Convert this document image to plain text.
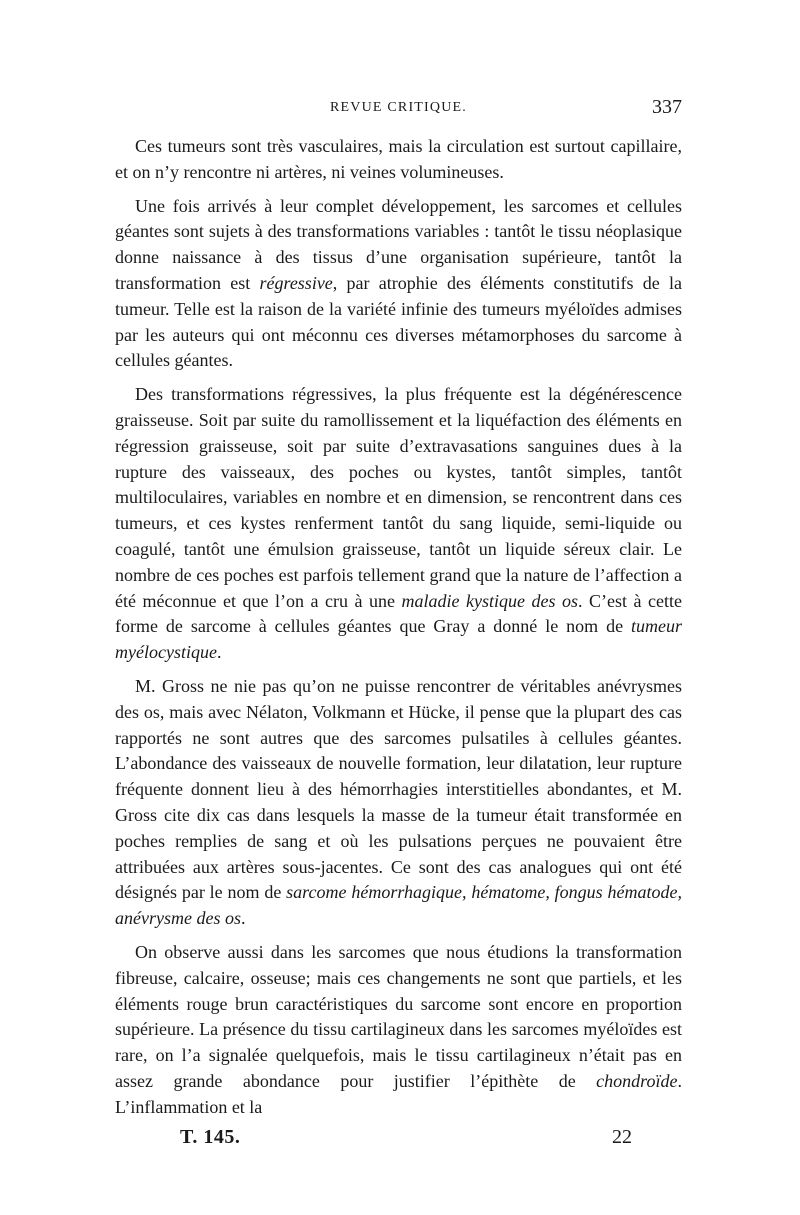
REVUE CRITIQUE.	337

Ces tumeurs sont très vasculaires, mais la circulation est surtout capillaire, et on n’y rencontre ni artères, ni veines volumineuses.

Une fois arrivés à leur complet développement, les sarcomes et cellules géantes sont sujets à des transformations variables : tantôt le tissu néoplasique donne naissance à des tissus d’une organisation supérieure, tantôt la transformation est régressive, par atrophie des éléments constitutifs de la tumeur. Telle est la raison de la variété infinie des tumeurs myéloïdes admises par les auteurs qui ont méconnu ces diverses métamorphoses du sarcome à cellules géantes.

Des transformations régressives, la plus fréquente est la dégénérescence graisseuse. Soit par suite du ramollissement et la liquéfaction des éléments en régression graisseuse, soit par suite d’extravasations sanguines dues à la rupture des vaisseaux, des poches ou kystes, tantôt simples, tantôt multiloculaires, variables en nombre et en dimension, se rencontrent dans ces tumeurs, et ces kystes renferment tantôt du sang liquide, semi-liquide ou coagulé, tantôt une émulsion graisseuse, tantôt un liquide séreux clair. Le nombre de ces poches est parfois tellement grand que la nature de l’affection a été méconnue et que l’on a cru à une maladie kystique des os. C’est à cette forme de sarcome à cellules géantes que Gray a donné le nom de tumeur myélocystique.

M. Gross ne nie pas qu’on ne puisse rencontrer de véritables anévrysmes des os, mais avec Nélaton, Volkmann et Hücke, il pense que la plupart des cas rapportés ne sont autres que des sarcomes pulsatiles à cellules géantes. L’abondance des vaisseaux de nouvelle formation, leur dilatation, leur rupture fréquente donnent lieu à des hémorrhagies interstitielles abondantes, et M. Gross cite dix cas dans lesquels la masse de la tumeur était transformée en poches remplies de sang et où les pulsations perçues ne pouvaient être attribuées aux artères sous-jacentes. Ce sont des cas analogues qui ont été désignés par le nom de sarcome hémorrhagique, hématome, fongus hématode, anévrysme des os.

On observe aussi dans les sarcomes que nous étudions la transformation fibreuse, calcaire, osseuse; mais ces changements ne sont que partiels, et les éléments rouge brun caractéristiques du sarcome sont encore en proportion supérieure. La présence du tissu cartilagineux dans les sarcomes myéloïdes est rare, on l’a signalée quelquefois, mais le tissu cartilagineux n’était pas en assez grande abondance pour justifier l’épithète de chondroïde. L’inflammation et la

T. 145.	22
